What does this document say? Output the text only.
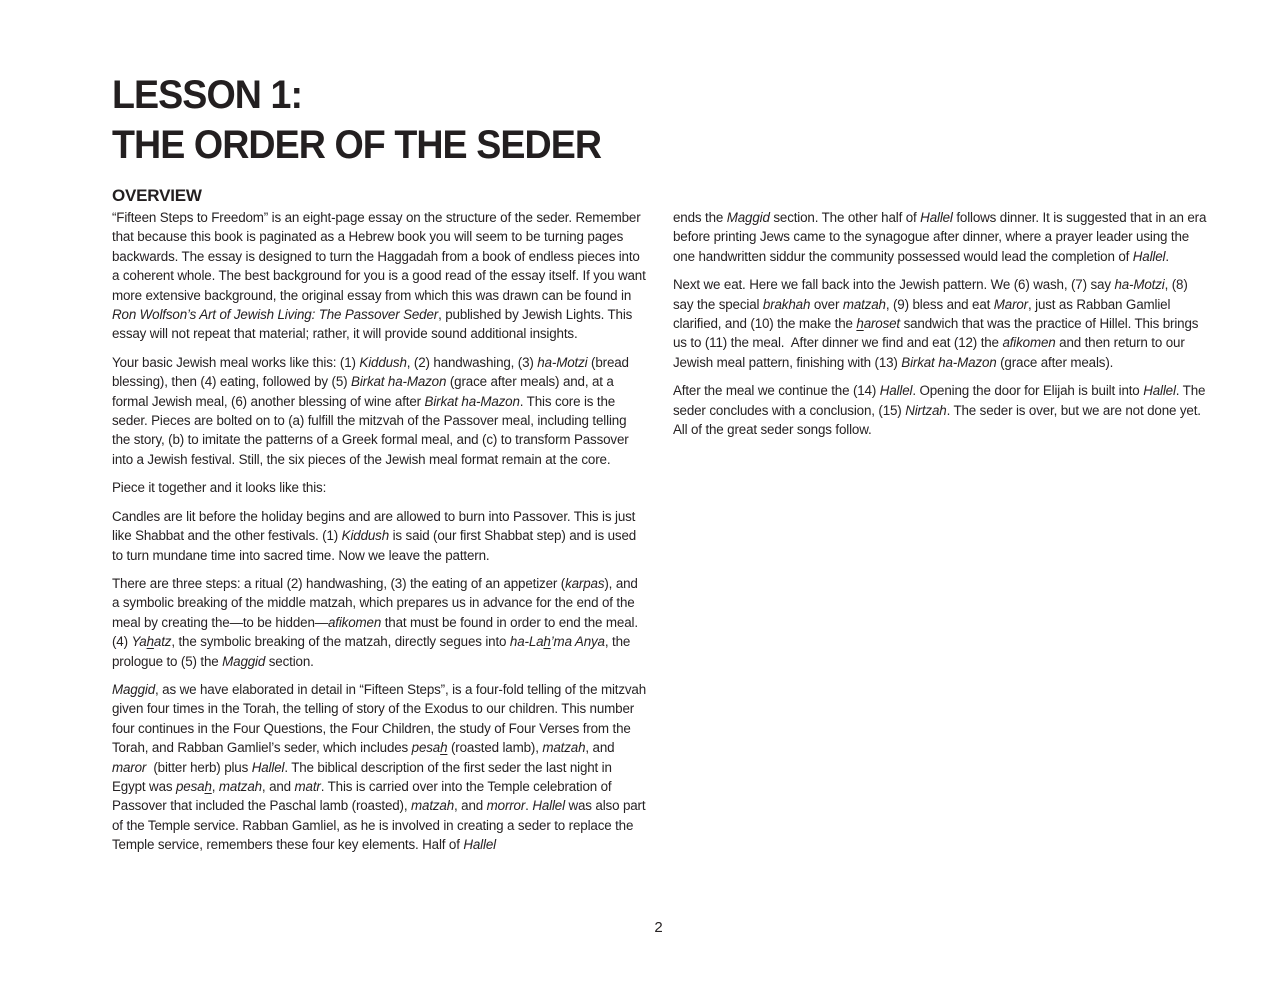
LESSON 1:
THE ORDER OF THE SEDER
OVERVIEW

“Fifteen Steps to Freedom” is an eight-page essay on the structure of the seder. Remember that because this book is paginated as a Hebrew book you will seem to be turning pages backwards. The essay is designed to turn the Haggadah from a book of endless pieces into a coherent whole. The best background for you is a good read of the essay itself. If you want more extensive background, the original essay from which this was drawn can be found in Ron Wolfson’s Art of Jewish Living: The Passover Seder, published by Jewish Lights. This essay will not repeat that material; rather, it will provide sound additional insights.

Your basic Jewish meal works like this: (1) Kiddush, (2) handwashing, (3) ha-Motzi (bread blessing), then (4) eating, followed by (5) Birkat ha-Mazon (grace after meals) and, at a formal Jewish meal, (6) another blessing of wine after Birkat ha-Mazon. This core is the seder. Pieces are bolted on to (a) fulfill the mitzvah of the Passover meal, including telling the story, (b) to imitate the patterns of a Greek formal meal, and (c) to transform Passover into a Jewish festival. Still, the six pieces of the Jewish meal format remain at the core.

Piece it together and it looks like this:

Candles are lit before the holiday begins and are allowed to burn into Passover. This is just like Shabbat and the other festivals. (1) Kiddush is said (our first Shabbat step) and is used to turn mundane time into sacred time. Now we leave the pattern.

There are three steps: a ritual (2) handwashing, (3) the eating of an appetizer (karpas), and a symbolic breaking of the middle matzah, which prepares us in advance for the end of the meal by creating the—to be hidden—afikomen that must be found in order to end the meal. (4) Yahatz, the symbolic breaking of the matzah, directly segues into ha-Lah’ma Anya, the prologue to (5) the Maggid section.

Maggid, as we have elaborated in detail in “Fifteen Steps”, is a four-fold telling of the mitzvah given four times in the Torah, the telling of story of the Exodus to our children. This number four continues in the Four Questions, the Four Children, the study of Four Verses from the Torah, and Rabban Gamliel’s seder, which includes pesah (roasted lamb), matzah, and maror  (bitter herb) plus Hallel. The biblical description of the first seder the last night in Egypt was pesah, matzah, and matr. This is carried over into the Temple celebration of Passover that included the Paschal lamb (roasted), matzah, and morror. Hallel was also part of the Temple service. Rabban Gamliel, as he is involved in creating a seder to replace the Temple service, remembers these four key elements. Half of Hallel

ends the Maggid section. The other half of Hallel follows dinner. It is suggested that in an era before printing Jews came to the synagogue after dinner, where a prayer leader using the one handwritten siddur the community possessed would lead the completion of Hallel.

Next we eat. Here we fall back into the Jewish pattern. We (6) wash, (7) say ha-Motzi, (8) say the special brakhah over matzah, (9) bless and eat Maror, just as Rabban Gamliel clarified, and (10) the make the haroset sandwich that was the practice of Hillel. This brings us to (11) the meal.  After dinner we find and eat (12) the afikomen and then return to our Jewish meal pattern, finishing with (13) Birkat ha-Mazon (grace after meals).

After the meal we continue the (14) Hallel. Opening the door for Elijah is built into Hallel. The seder concludes with a conclusion, (15) Nirtzah. The seder is over, but we are not done yet. All of the great seder songs follow.

2
